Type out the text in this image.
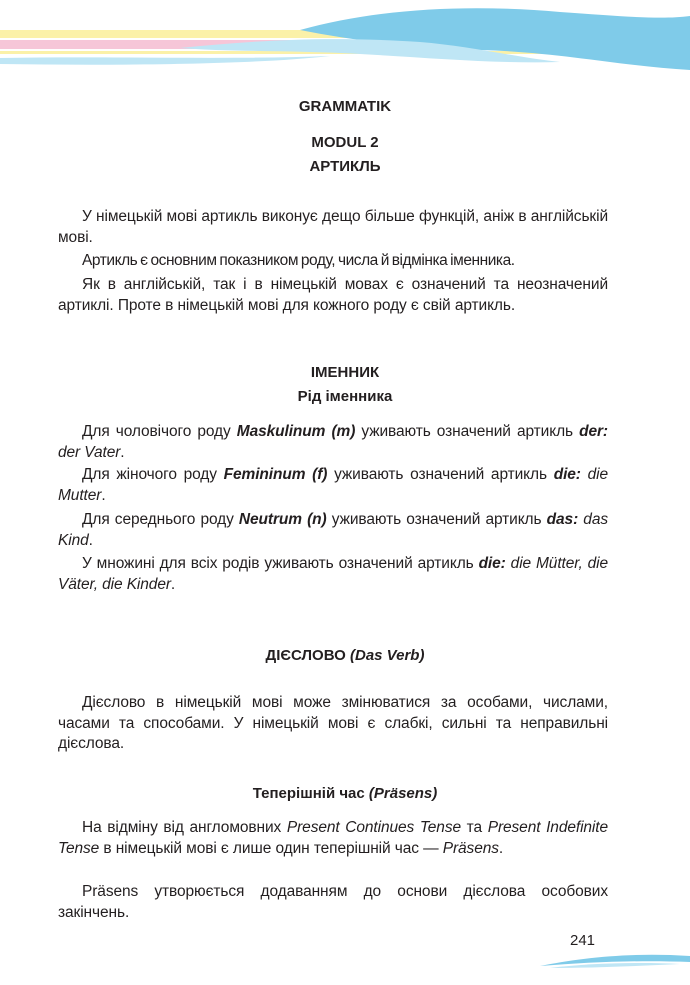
GRAMMATIK
MODUL 2
АРТИКЛЬ

У німецькій мові артикль виконує дещо більше функцій, аніж в англійській мові.

Артикль є основним показником роду, числа й відмінка іменника.

Як в англійській, так і в німецькій мовах є означений та неозначений артиклі. Проте в німецькій мові для кожного роду є свій артикль.

ІМЕННИК
Рід іменника

Для чоловічого роду Maskulinum (m) уживають означений артикль der: der Vater.

Для жіночого роду Femininum (f) уживають означений артикль die: die Mutter.

Для середнього роду Neutrum (n) уживають означений артикль das: das Kind.

У множині для всіх родів уживають означений артикль die: die Mütter, die Väter, die Kinder.

ДІЄСЛОВО (Das Verb)

Дієслово в німецькій мові може змінюватися за особами, числами, часами та способами. У німецькій мові є слабкі, сильні та неправильні дієслова.

Теперішній час (Präsens)

На відміну від англомовних Present Continues Tense та Present Indefinite Tense в німецькій мові є лише один теперішній час — Präsens.

Präsens утворюється додаванням до основи дієслова особових закінчень.

241
